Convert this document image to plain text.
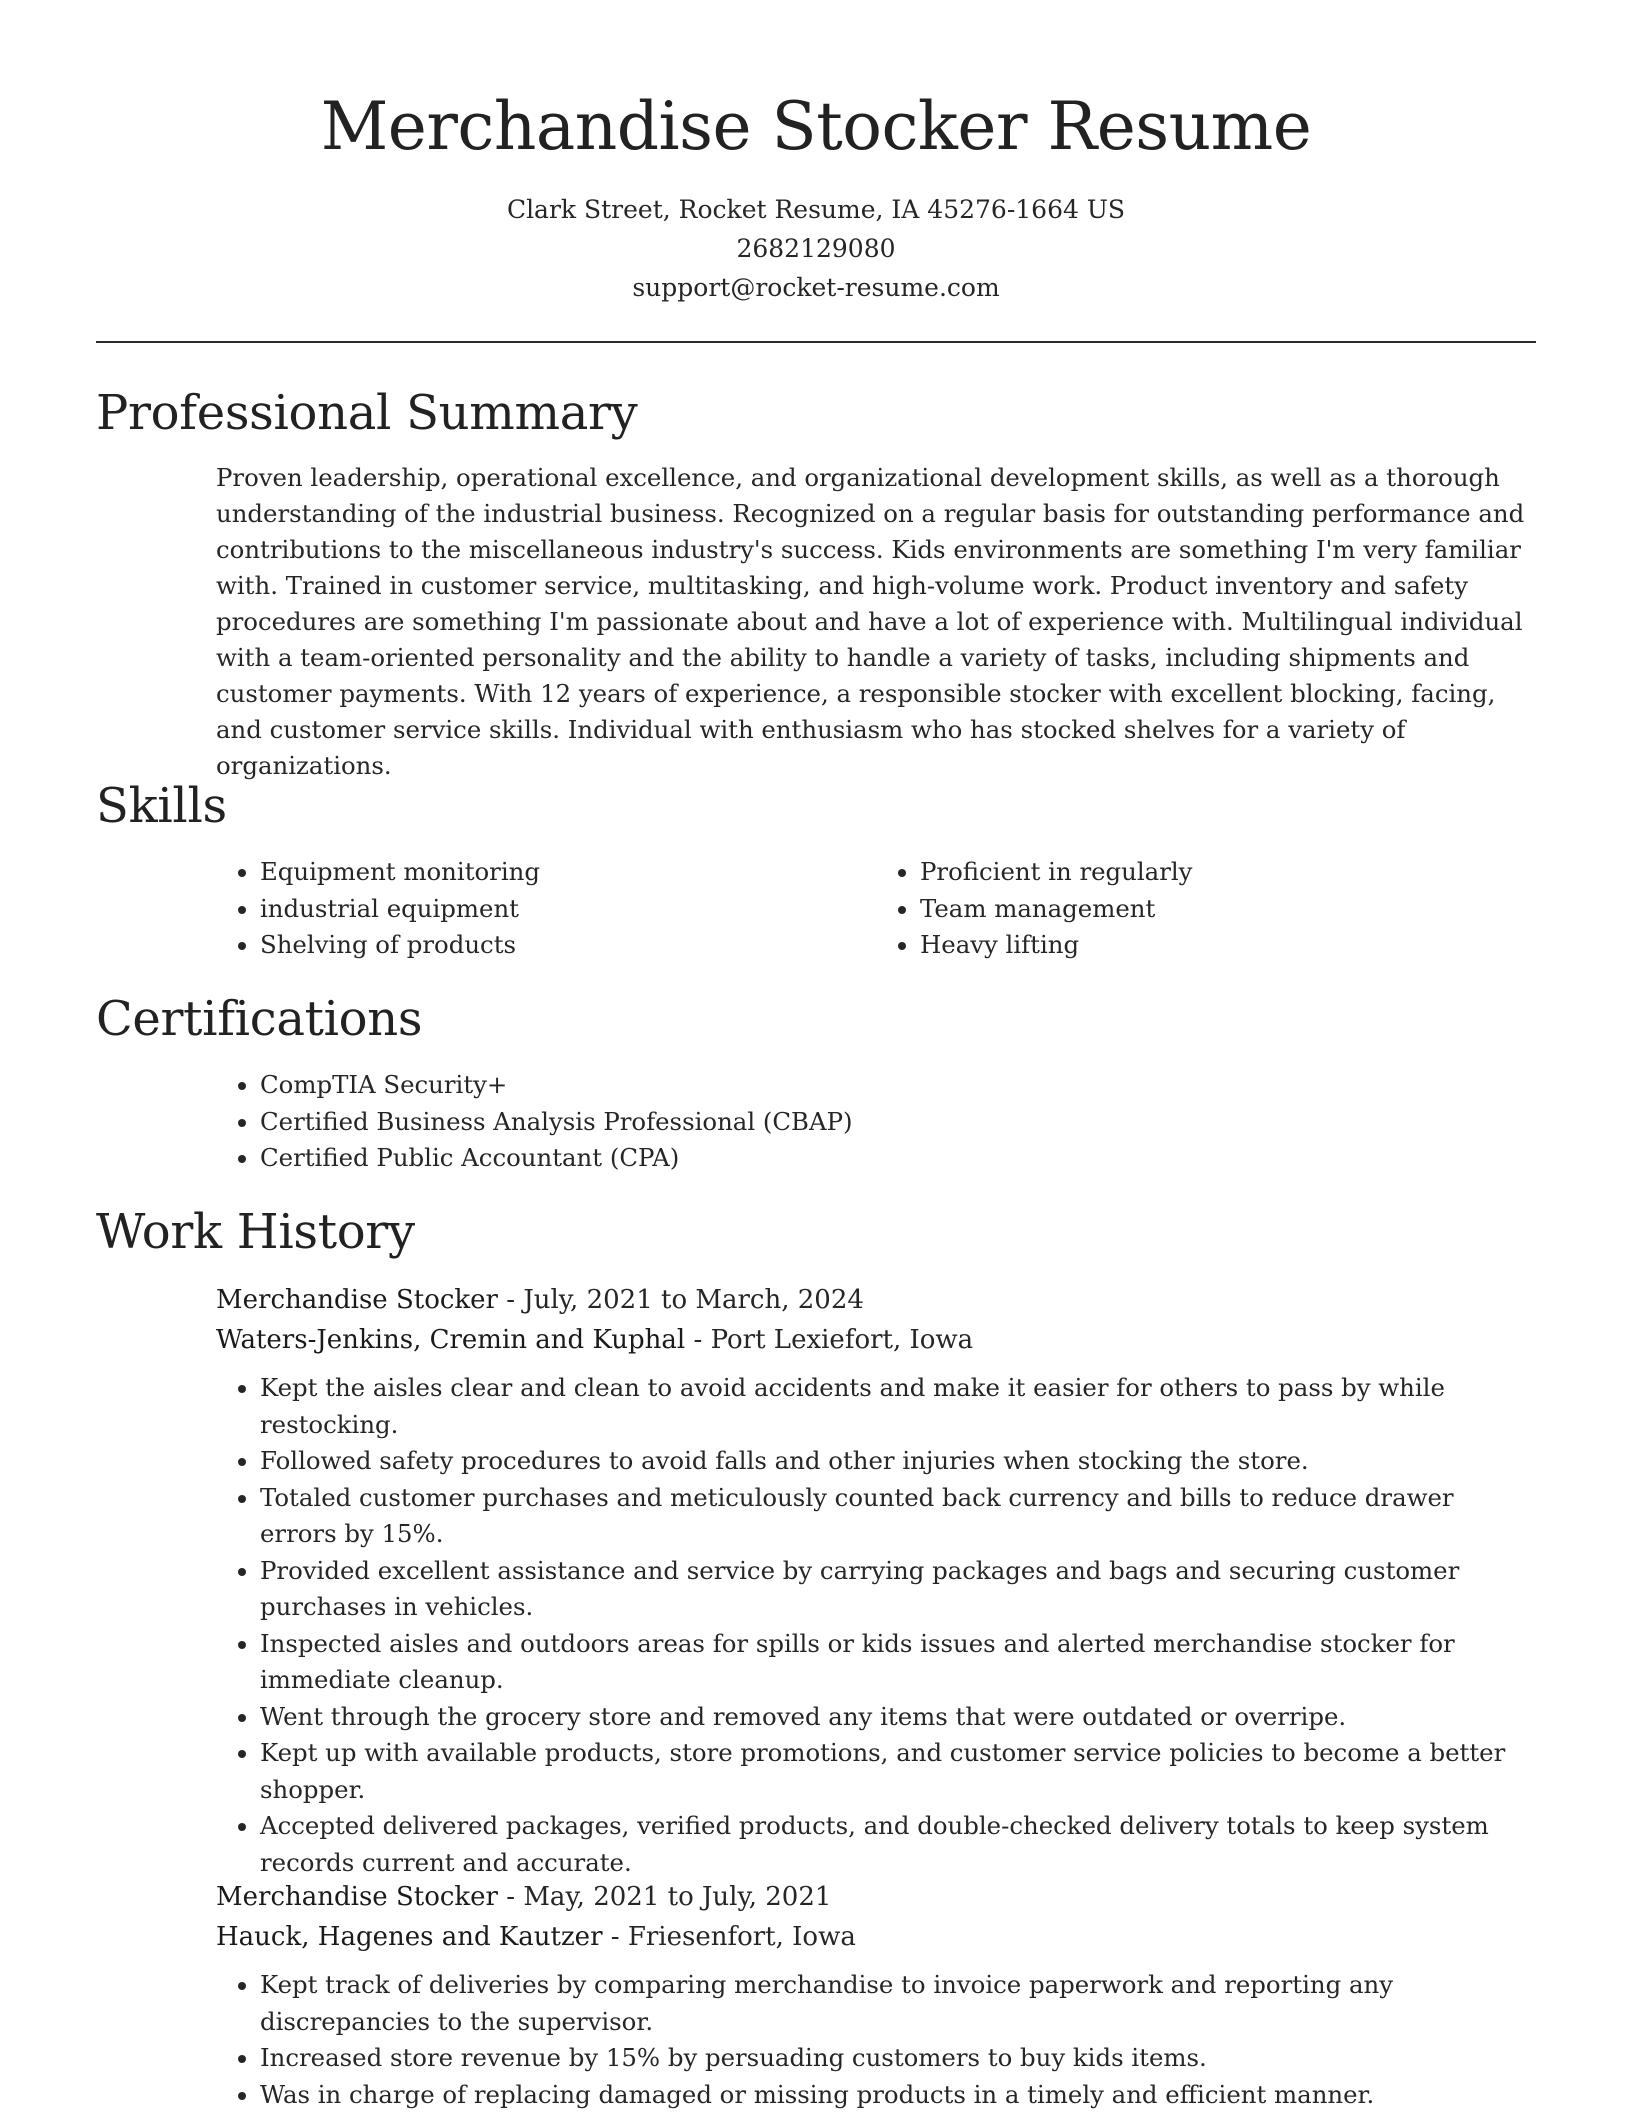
Merchandise Stocker Resume
Clark Street, Rocket Resume, IA 45276-1664 US
2682129080
support@rocket-resume.com
Professional Summary

Proven leadership, operational excellence, and organizational development skills, as well as a thorough understanding of the industrial business. Recognized on a regular basis for outstanding performance and contributions to the miscellaneous industry's success. Kids environments are something I'm very familiar with. Trained in customer service, multitasking, and high-volume work. Product inventory and safety procedures are something I'm passionate about and have a lot of experience with. Multilingual individual with a team-oriented personality and the ability to handle a variety of tasks, including shipments and customer payments. With 12 years of experience, a responsible stocker with excellent blocking, facing, and customer service skills. Individual with enthusiasm who has stocked shelves for a variety of organizations.

Skills
• Equipment monitoring
• industrial equipment
• Shelving of products
• Proficient in regularly
• Team management
• Heavy lifting
Certifications
• CompTIA Security+
• Certified Business Analysis Professional (CBAP)
• Certified Public Accountant (CPA)
Work History
Merchandise Stocker - July, 2021 to March, 2024
Waters-Jenkins, Cremin and Kuphal - Port Lexiefort, Iowa
• Kept the aisles clear and clean to avoid accidents and make it easier for others to pass by while restocking.
• Followed safety procedures to avoid falls and other injuries when stocking the store.
• Totaled customer purchases and meticulously counted back currency and bills to reduce drawer errors by 15%.
• Provided excellent assistance and service by carrying packages and bags and securing customer purchases in vehicles.
• Inspected aisles and outdoors areas for spills or kids issues and alerted merchandise stocker for immediate cleanup.
• Went through the grocery store and removed any items that were outdated or overripe.
• Kept up with available products, store promotions, and customer service policies to become a better shopper.
• Accepted delivered packages, verified products, and double-checked delivery totals to keep system records current and accurate.
Merchandise Stocker - May, 2021 to July, 2021
Hauck, Hagenes and Kautzer - Friesenfort, Iowa
• Kept track of deliveries by comparing merchandise to invoice paperwork and reporting any discrepancies to the supervisor.
• Increased store revenue by 15% by persuading customers to buy kids items.
• Was in charge of replacing damaged or missing products in a timely and efficient manner.
